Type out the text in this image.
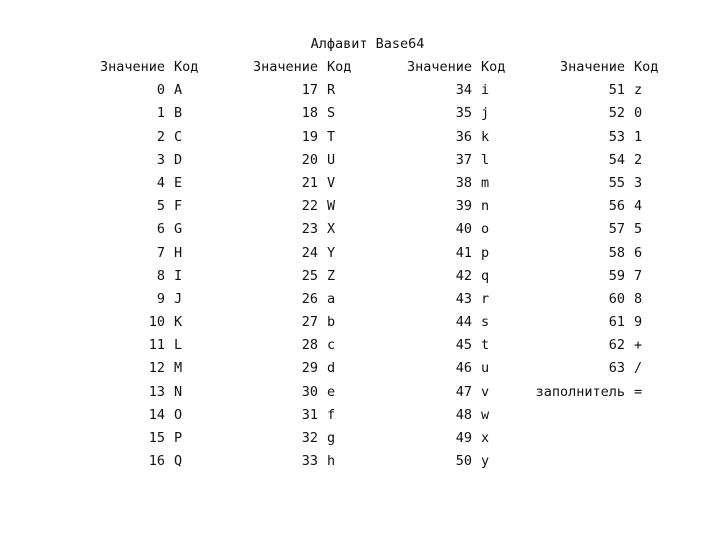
Алфавит Base64
Значение Код
0 A
1 B
2 C
3 D
4 E
5 F
6 G
7 H
8 I
9 J
10 K
11 L
12 M
13 N
14 O
15 P
16 Q
Значение Код
17 R
18 S
19 T
20 U
21 V
22 W
23 X
24 Y
25 Z
26 a
27 b
28 c
29 d
30 e
31 f
32 g
33 h
Значение Код
34 i
35 j
36 k
37 l
38 m
39 n
40 o
41 p
42 q
43 r
44 s
45 t
46 u
47 v
48 w
49 x
50 y
Значение Код
51 z
52 0
53 1
54 2
55 3
56 4
57 5
58 6
59 7
60 8
61 9
62 +
63 /
заполнитель =
